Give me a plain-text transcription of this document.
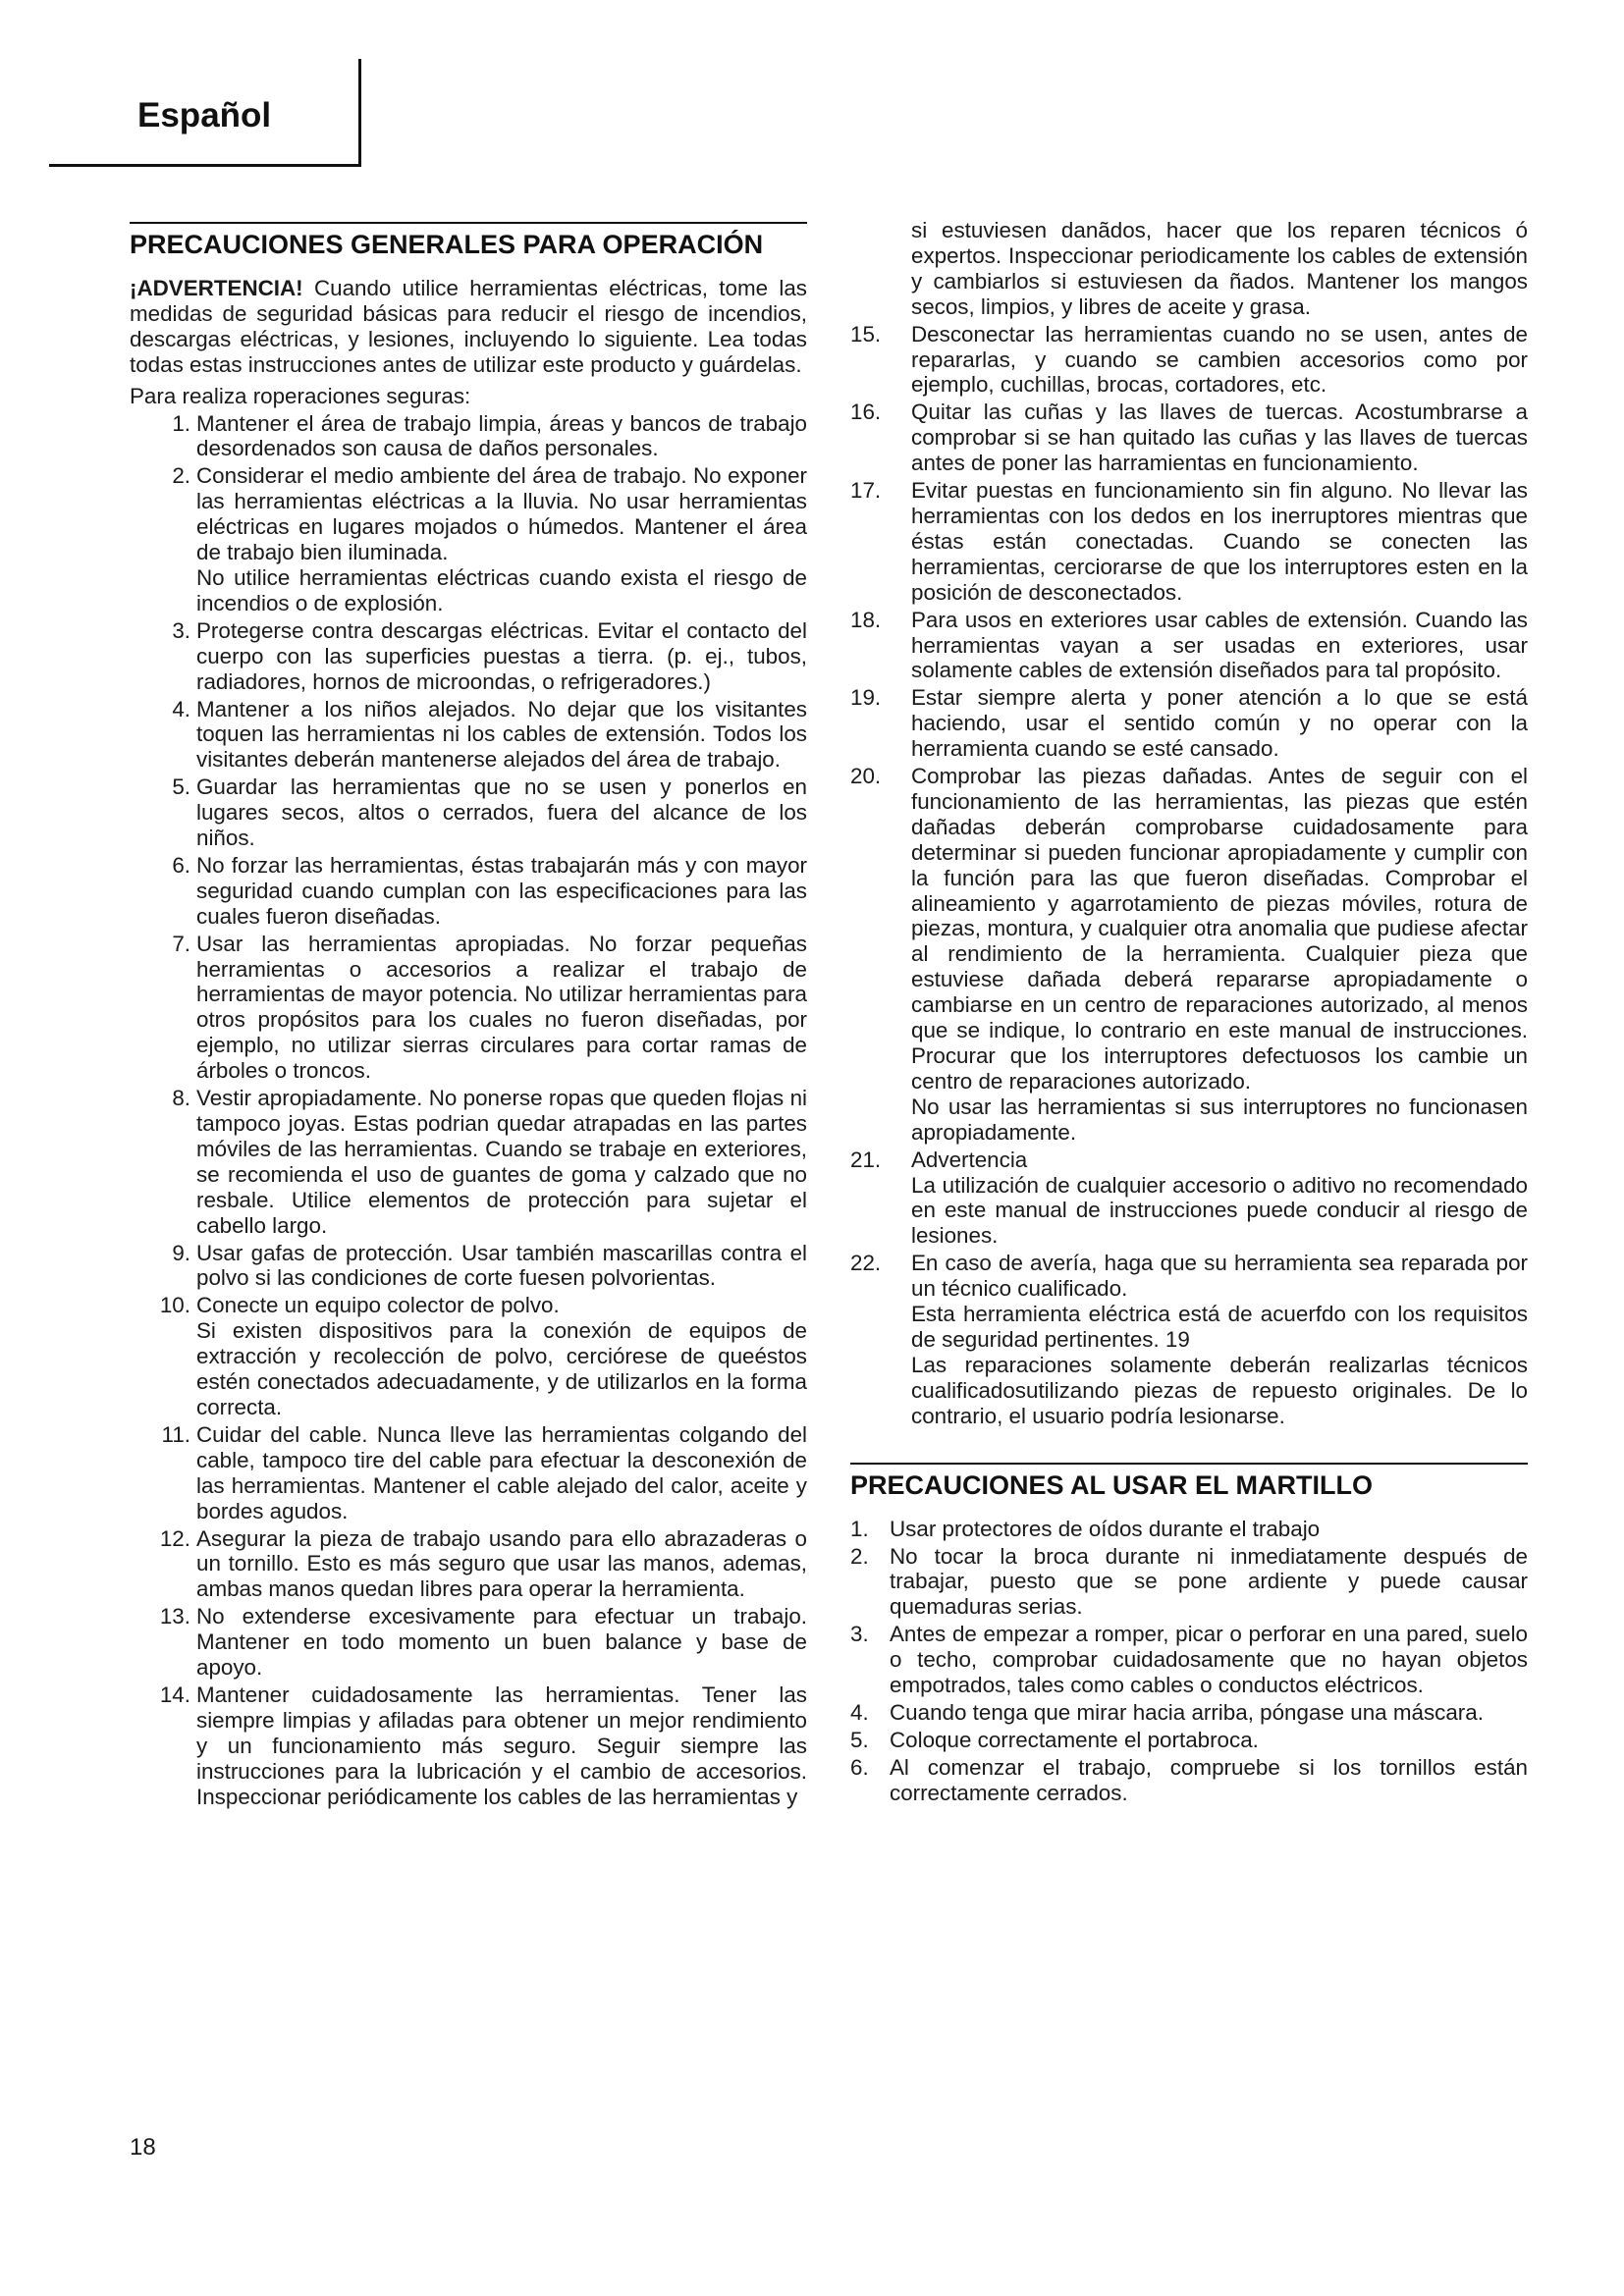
Español
PRECAUCIONES GENERALES PARA OPERACIÓN

¡ADVERTENCIA! Cuando utilice herramientas eléctricas, tome las medidas de seguridad básicas para reducir el riesgo de incendios, descargas eléctricas, y lesiones, incluyendo lo siguiente. Lea todas todas estas instrucciones antes de utilizar este producto y guárdelas.

Para realiza roperaciones seguras:

1. Mantener el área de trabajo limpia, áreas y bancos de trabajo desordenados son causa de daños personales.
2. Considerar el medio ambiente del área de trabajo. No exponer las herramientas eléctricas a la lluvia. No usar herramientas eléctricas en lugares mojados o húmedos. Mantener el área de trabajo bien iluminada.
No utilice herramientas eléctricas cuando exista el riesgo de incendios o de explosión.
3. Protegerse contra descargas eléctricas. Evitar el contacto del cuerpo con las superficies puestas a tierra. (p. ej., tubos, radiadores, hornos de microondas, o refrigeradores.)
4. Mantener a los niños alejados. No dejar que los visitantes toquen las herramientas ni los cables de extensión. Todos los visitantes deberán mantenerse alejados del área de trabajo.
5. Guardar las herramientas que no se usen y ponerlos en lugares secos, altos o cerrados, fuera del alcance de los niños.
6. No forzar las herramientas, éstas trabajarán más y con mayor seguridad cuando cumplan con las especificaciones para las cuales fueron diseñadas.
7. Usar las herramientas apropiadas. No forzar pequeñas herramientas o accesorios a realizar el trabajo de herramientas de mayor potencia. No utilizar herramientas para otros propósitos para los cuales no fueron diseñadas, por ejemplo, no utilizar sierras circulares para cortar ramas de árboles o troncos.
8. Vestir apropiadamente. No ponerse ropas que queden flojas ni tampoco joyas. Estas podrian quedar atrapadas en las partes móviles de las herramientas. Cuando se trabaje en exteriores, se recomienda el uso de guantes de goma y calzado que no resbale. Utilice elementos de protección para sujetar el cabello largo.
9. Usar gafas de protección. Usar también mascarillas contra el polvo si las condiciones de corte fuesen polvorientas.
10. Conecte un equipo colector de polvo.
Si existen dispositivos para la conexión de equipos de extracción y recolección de polvo, cerciórese de queéstos estén conectados adecuadamente, y de utilizarlos en la forma correcta.
11. Cuidar del cable. Nunca lleve las herramientas colgando del cable, tampoco tire del cable para efectuar la desconexión de las herramientas. Mantener el cable alejado del calor, aceite y bordes agudos.
12. Asegurar la pieza de trabajo usando para ello abrazaderas o un tornillo. Esto es más seguro que usar las manos, ademas, ambas manos quedan libres para operar la herramienta.
13. No extenderse excesivamente para efectuar un trabajo. Mantener en todo momento un buen balance y base de apoyo.
14. Mantener cuidadosamente las herramientas. Tener las siempre limpias y afiladas para obtener un mejor rendimiento y un funcionamiento más seguro. Seguir siempre las instrucciones para la lubricación y el cambio de accesorios. Inspeccionar periódicamente los cables de las herramientas y

si estuviesen danãdos, hacer que los reparen técnicos ó expertos. Inspeccionar periodicamente los cables de extensión y cambiarlos si estuviesen da ñados. Mantener los mangos secos, limpios, y libres de aceite y grasa.

15.	Desconectar las herramientas cuando no se usen, antes de repararlas, y cuando se cambien accesorios como por ejemplo, cuchillas, brocas, cortadores, etc.
16.	Quitar las cuñas y las llaves de tuercas. Acostumbrarse a comprobar si se han quitado las cuñas y las llaves de tuercas antes de poner las harramientas en funcionamiento.
17.	Evitar puestas en funcionamiento sin fin alguno. No llevar las herramientas con los dedos en los inerruptores mientras que éstas están conectadas. Cuando se conecten las herramientas, cerciorarse de que los interruptores esten en la posición de desconectados.
18.	Para usos en exteriores usar cables de extensión. Cuando las herramientas vayan a ser usadas en exteriores, usar solamente cables de extensión diseñados para tal propósito.
19.	Estar siempre alerta y poner atención a lo que se está haciendo, usar el sentido común y no operar con la herramienta cuando se esté cansado.
20.	Comprobar las piezas dañadas. Antes de seguir con el funcionamiento de las herramientas, las piezas que estén dañadas deberán comprobarse cuidadosamente para determinar si pueden funcionar apropiadamente y cumplir con la función para las que fueron diseñadas. Comprobar el alineamiento y agarrotamiento de piezas móviles, rotura de piezas, montura, y cualquier otra anomalia que pudiese afectar al rendimiento de la herramienta. Cualquier pieza que estuviese dañada deberá repararse apropiadamente o cambiarse en un centro de reparaciones autorizado, al menos que se indique, lo contrario en este manual de instrucciones. Procurar que los interruptores defectuosos los cambie un centro de reparaciones autorizado.
No usar las herramientas si sus interruptores no funcionasen apropiadamente.
21.	Advertencia
La utilización de cualquier accesorio o aditivo no recomendado en este manual de instrucciones puede conducir al riesgo de lesiones.
22.	En caso de avería, haga que su herramienta sea reparada por un técnico cualificado.
Esta herramienta eléctrica está de acuerfdo con los requisitos de seguridad pertinentes. 19
Las reparaciones solamente deberán realizarlas técnicos cualificadosutilizando piezas de repuesto originales. De lo contrario, el usuario podría lesionarse.
PRECAUCIONES AL USAR EL MARTILLO
1. Usar protectores de oídos durante el trabajo
2. No tocar la broca durante ni inmediatamente después de trabajar, puesto que se pone ardiente y puede causar quemaduras serias.
3. Antes de empezar a romper, picar o perforar en una pared, suelo o techo, comprobar cuidadosamente que no hayan objetos empotrados, tales como cables o conductos eléctricos.
4. Cuando tenga que mirar hacia arriba, póngase una máscara.
5. Coloque correctamente el portabroca.
6. Al comenzar el trabajo, compruebe si los tornillos están correctamente cerrados.
18
